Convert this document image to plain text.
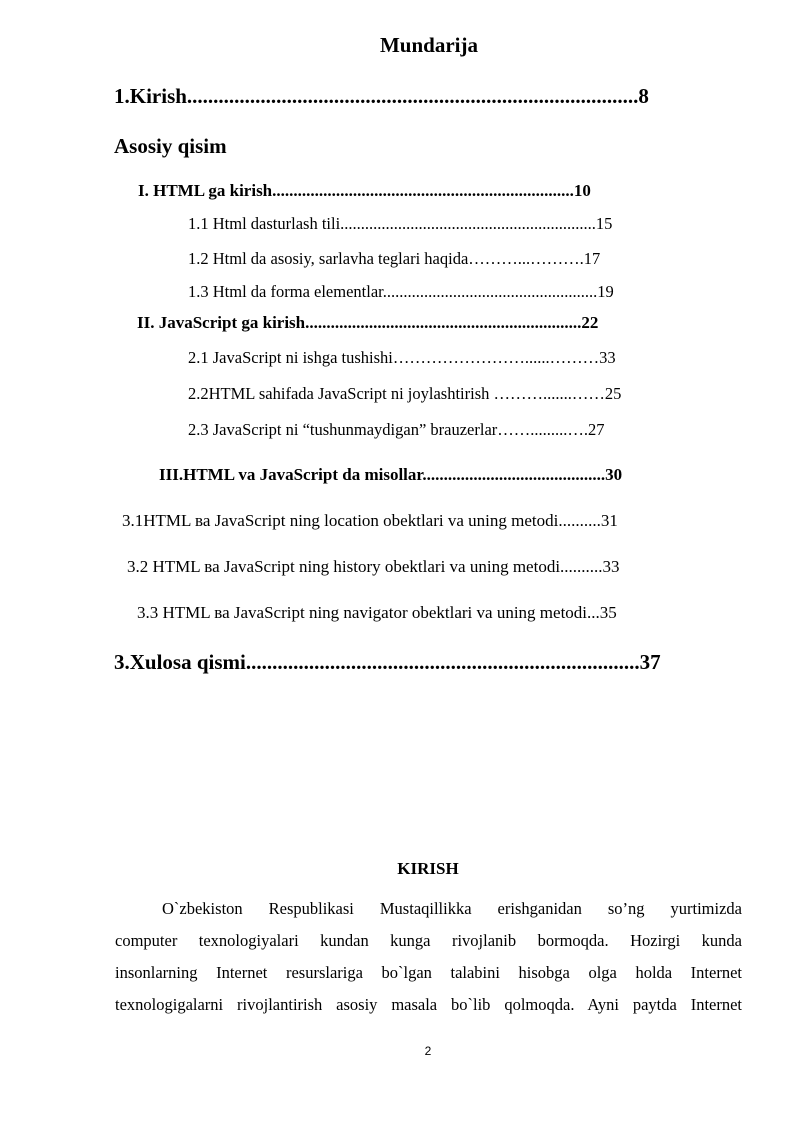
Mundarija
1.Kirish......................................................................................8
Asosiy qisim
I. HTML ga kirish.......................................................................10
1.1 Html dasturlash tili..............................................................15
1.2 Html da asosiy, sarlavha teglari haqida………...……….17
1.3 Html da forma elementlar....................................................19
II. JavaScript ga kirish.................................................................22
2.1 JavaScript ni ishga tushishi……………………......………33
2.2HTML sahifada JavaScript ni joylashtirish ……….......……25
2.3 JavaScript ni “tushunmaydigan” brauzerlar…….........….27
III.HTML va JavaScript da misollar...........................................30
3.1HTML ва JavaScript ning location obektlari va uning metodi..........31
3.2 HTML ва JavaScript ning history obektlari va uning metodi..........33
3.3 HTML ва JavaScript ning navigator obektlari va uning metodi...35
3.Xulosa qismi...........................................................................37
KIRISH
O`zbekiston Respublikasi Mustaqillikka erishganidan so’ng yurtimizda
computer texnologiyalari kundan kunga rivojlanib bormoqda. Hozirgi kunda
insonlarning Internet resurslariga bo`lgan talabini hisobga olga holda Internet
texnologigalarni rivojlantirish asosiy masala bo`lib qolmoqda. Ayni paytda Internet
2
